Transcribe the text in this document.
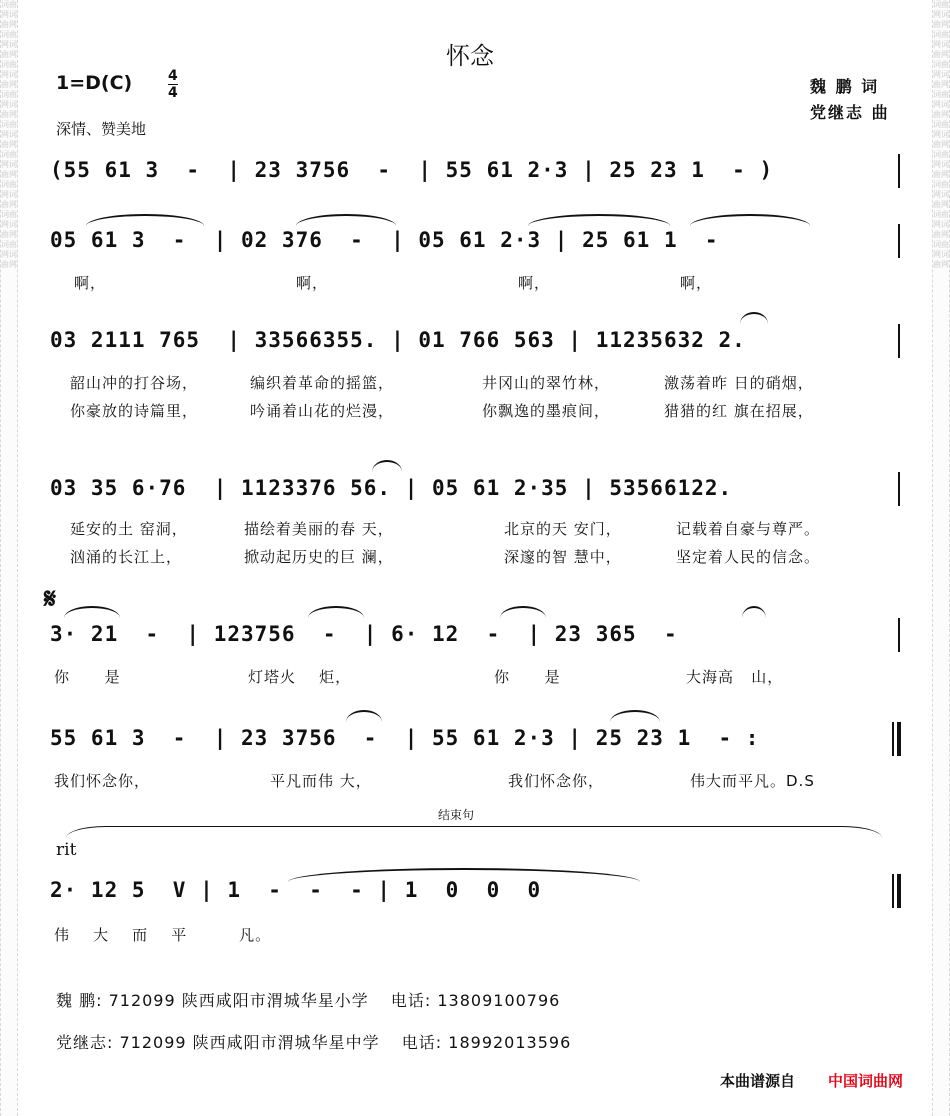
词曲网词曲网词曲网词曲网词曲网词曲网词曲网词曲网词曲网词曲网词曲网词曲网词曲网词曲网词曲网词曲网词曲网词曲网
词曲网词曲网词曲网词曲网词曲网词曲网词曲网词曲网词曲网词曲网词曲网词曲网词曲网词曲网词曲网词曲网词曲网词曲网
怀念
魏 鹏 词
党继志 曲
1=D(C)	$\frac{4}{4}$
深情、赞美地
(55 61 3  -  | 23 3756  -  | 55 61 2·3 | 25 23 1  - )
05 61 3  -  | 02 376  -  | 05 61 2·3 | 25 61 1  -
啊，	啊，	啊，	啊，
03 2111 765  | 33566355. | 01 766 563 | 11235632 2.
韶山冲的打谷场，	编织着革命的摇篮，	井冈山的翠竹林，	激荡着昨 日的硝烟，
你豪放的诗篇里，	吟诵着山花的烂漫，	你飘逸的墨痕间，	猎猎的红 旗在招展，
03 35 6·76  | 1123376 56. | 05 61 2·35 | 53566122.
延安的土 窑洞，	描绘着美丽的春 天，	北京的天 安门，	记载着自豪与尊严。
汹涌的长江上，	掀动起历史的巨 澜，	深邃的智 慧中，	坚定着人民的信念。
𝄋
3· 21  -  | 123756  -  | 6· 12  -  | 23 365  -
你      是	灯塔火    炬，	你      是	大海高   山，
55 61 3  -  | 23 3756  -  | 55 61 2·3 | 25 23 1  - :
我们怀念你，	平凡而伟 大，	我们怀念你，	伟大而平凡。D.S
结束句
rit
2· 12 5  V | 1  -  -  - | 1  0  0  0
伟    大    而    平         凡。
魏 鹏: 712099 陕西咸阳市渭城华星小学 电话: 13809100796
党继志: 712099 陕西咸阳市渭城华星中学 电话: 18992013596
本曲谱源自 中国词曲网
